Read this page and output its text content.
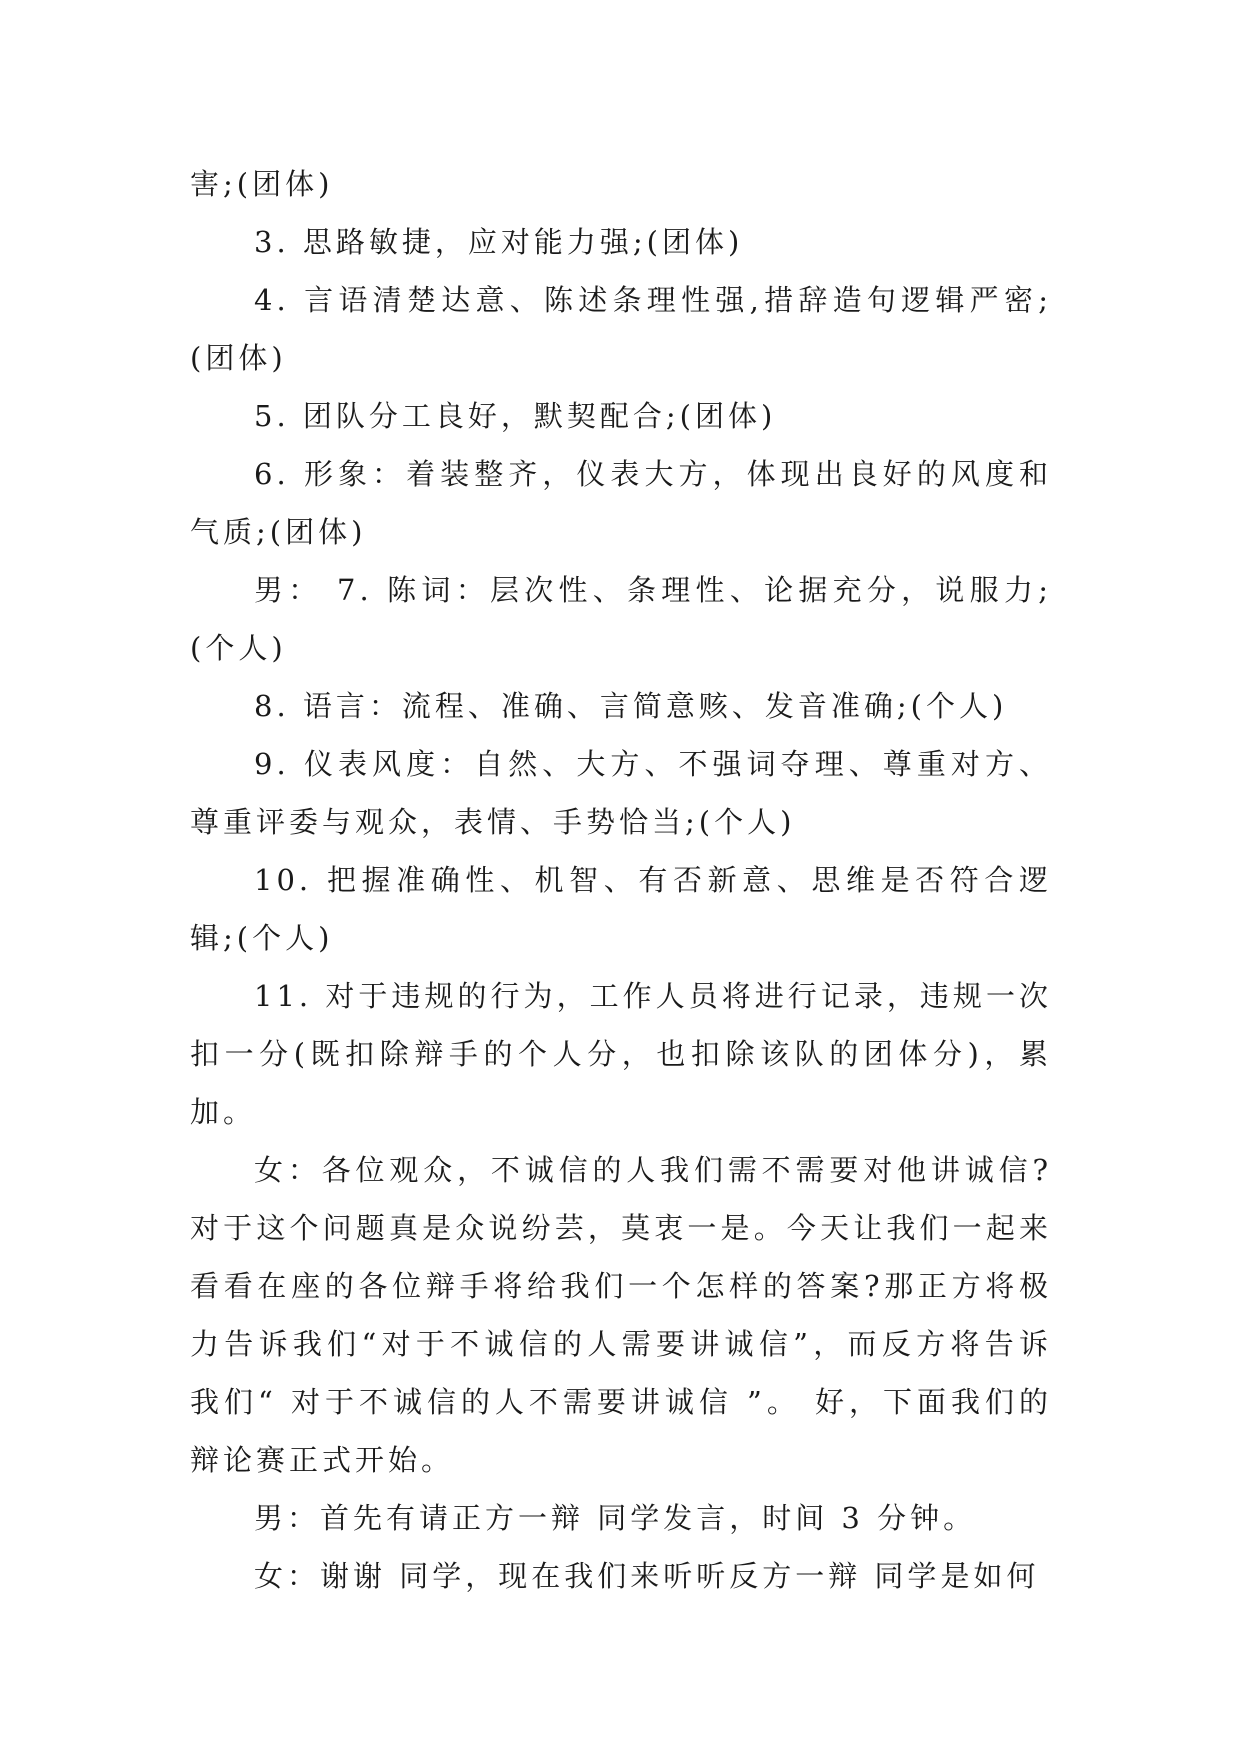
害;(团体)

3. 思路敏捷，应对能力强;(团体)

4. 言语清楚达意、陈述条理性强,措辞造句逻辑严密;(团体)

5. 团队分工良好，默契配合;(团体)

6. 形象：着装整齐，仪表大方，体现出良好的风度和气质;(团体)

男： 7. 陈词：层次性、条理性、论据充分，说服力;(个人)

8. 语言：流程、准确、言简意赅、发音准确;(个人)

9. 仪表风度：自然、大方、不强词夺理、尊重对方、尊重评委与观众，表情、手势恰当;(个人)

10. 把握准确性、机智、有否新意、思维是否符合逻辑;(个人)

11. 对于违规的行为，工作人员将进行记录，违规一次扣一分(既扣除辩手的个人分，也扣除该队的团体分)，累加。

女：各位观众，不诚信的人我们需不需要对他讲诚信?对于这个问题真是众说纷芸，莫衷一是。今天让我们一起来看看在座的各位辩手将给我们一个怎样的答案?那正方将极力告诉我们“对于不诚信的人需要讲诚信”，而反方将告诉我们“ 对于不诚信的人不需要讲诚信 ”。 好，下面我们的辩论赛正式开始。

男：首先有请正方一辩 同学发言，时间 3 分钟。

女：谢谢 同学，现在我们来听听反方一辩 同学是如何
